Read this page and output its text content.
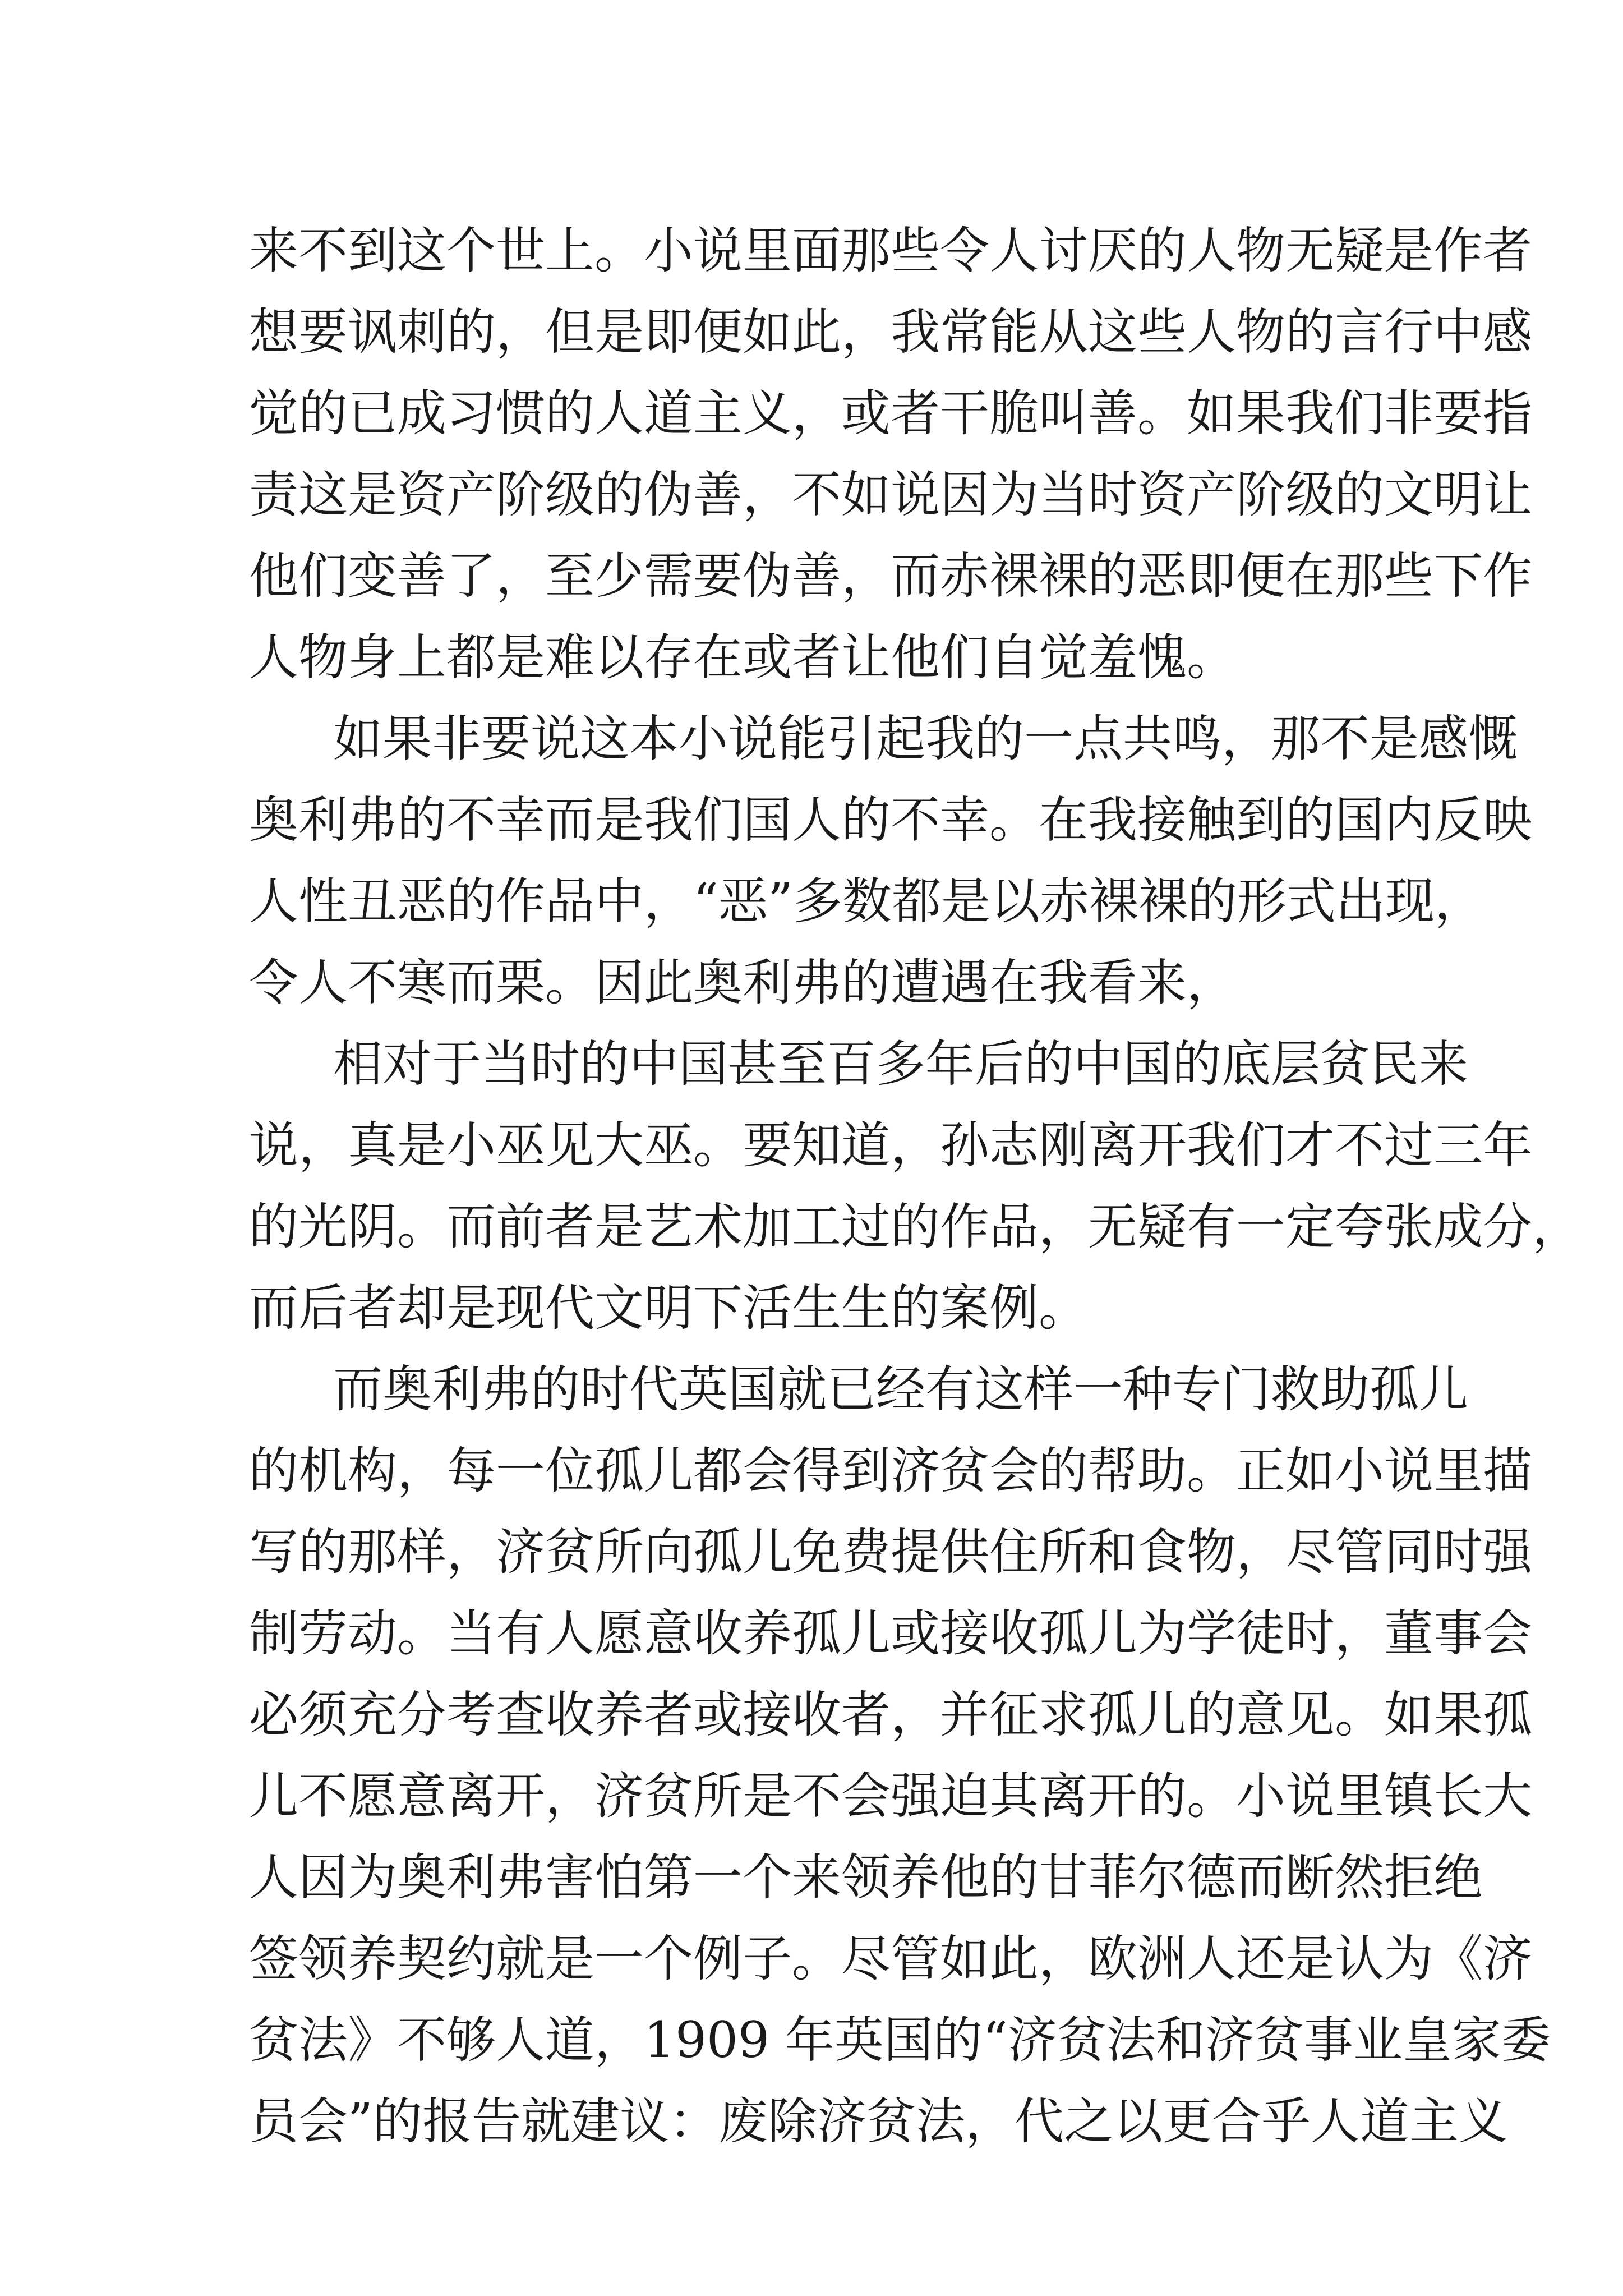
来不到这个世上。小说里面那些令人讨厌的人物无疑是作者
想要讽刺的，但是即便如此，我常能从这些人物的言行中感
觉的已成习惯的人道主义，或者干脆叫善。如果我们非要指
责这是资产阶级的伪善，不如说因为当时资产阶级的文明让
他们变善了，至少需要伪善，而赤裸裸的恶即便在那些下作
人物身上都是难以存在或者让他们自觉羞愧。
如果非要说这本小说能引起我的一点共鸣，那不是感慨
奥利弗的不幸而是我们国人的不幸。在我接触到的国内反映
人性丑恶的作品中，“恶”多数都是以赤裸裸的形式出现，
令人不寒而栗。因此奥利弗的遭遇在我看来，
相对于当时的中国甚至百多年后的中国的底层贫民来
说，真是小巫见大巫。要知道，孙志刚离开我们才不过三年
的光阴。而前者是艺术加工过的作品，无疑有一定夸张成分，
而后者却是现代文明下活生生的案例。
而奥利弗的时代英国就已经有这样一种专门救助孤儿
的机构，每一位孤儿都会得到济贫会的帮助。正如小说里描
写的那样，济贫所向孤儿免费提供住所和食物，尽管同时强
制劳动。当有人愿意收养孤儿或接收孤儿为学徒时，董事会
必须充分考查收养者或接收者，并征求孤儿的意见。如果孤
儿不愿意离开，济贫所是不会强迫其离开的。小说里镇长大
人因为奥利弗害怕第一个来领养他的甘菲尔德而断然拒绝
签领养契约就是一个例子。尽管如此，欧洲人还是认为《济
贫法》不够人道，1909 年英国的“济贫法和济贫事业皇家委
员会”的报告就建议：废除济贫法，代之以更合乎人道主义
